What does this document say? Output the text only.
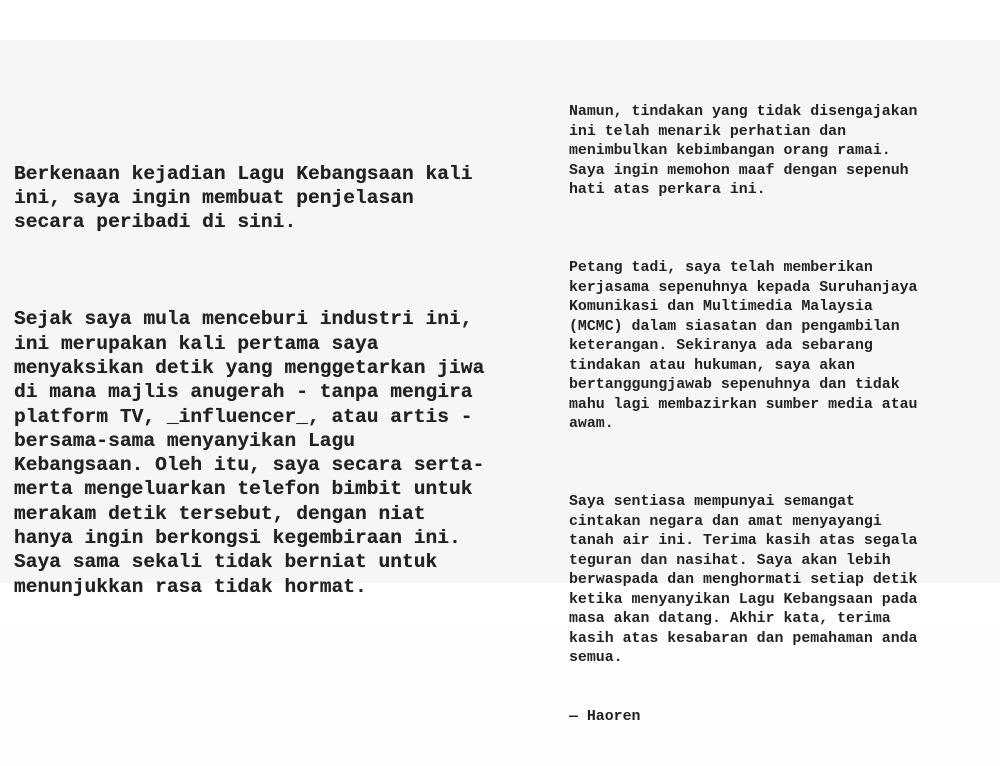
Berkenaan kejadian Lagu Kebangsaan kali
ini, saya ingin membuat penjelasan
secara peribadi di sini.

Sejak saya mula menceburi industri ini,
ini merupakan kali pertama saya
menyaksikan detik yang menggetarkan jiwa
di mana majlis anugerah - tanpa mengira
platform TV, _influencer_, atau artis -
bersama-sama menyanyikan Lagu
Kebangsaan. Oleh itu, saya secara serta-
merta mengeluarkan telefon bimbit untuk
merakam detik tersebut, dengan niat
hanya ingin berkongsi kegembiraan ini.
Saya sama sekali tidak berniat untuk
menunjukkan rasa tidak hormat.

Namun, tindakan yang tidak disengajakan
ini telah menarik perhatian dan
menimbulkan kebimbangan orang ramai.
Saya ingin memohon maaf dengan sepenuh
hati atas perkara ini.

Petang tadi, saya telah memberikan
kerjasama sepenuhnya kepada Suruhanjaya
Komunikasi dan Multimedia Malaysia
(MCMC) dalam siasatan dan pengambilan
keterangan. Sekiranya ada sebarang
tindakan atau hukuman, saya akan
bertanggungjawab sepenuhnya dan tidak
mahu lagi membazirkan sumber media atau
awam.

Saya sentiasa mempunyai semangat
cintakan negara dan amat menyayangi
tanah air ini. Terima kasih atas segala
teguran dan nasihat. Saya akan lebih
berwaspada dan menghormati setiap detik
ketika menyanyikan Lagu Kebangsaan pada
masa akan datang. Akhir kata, terima
kasih atas kesabaran dan pemahaman anda
semua.

— Haoren
